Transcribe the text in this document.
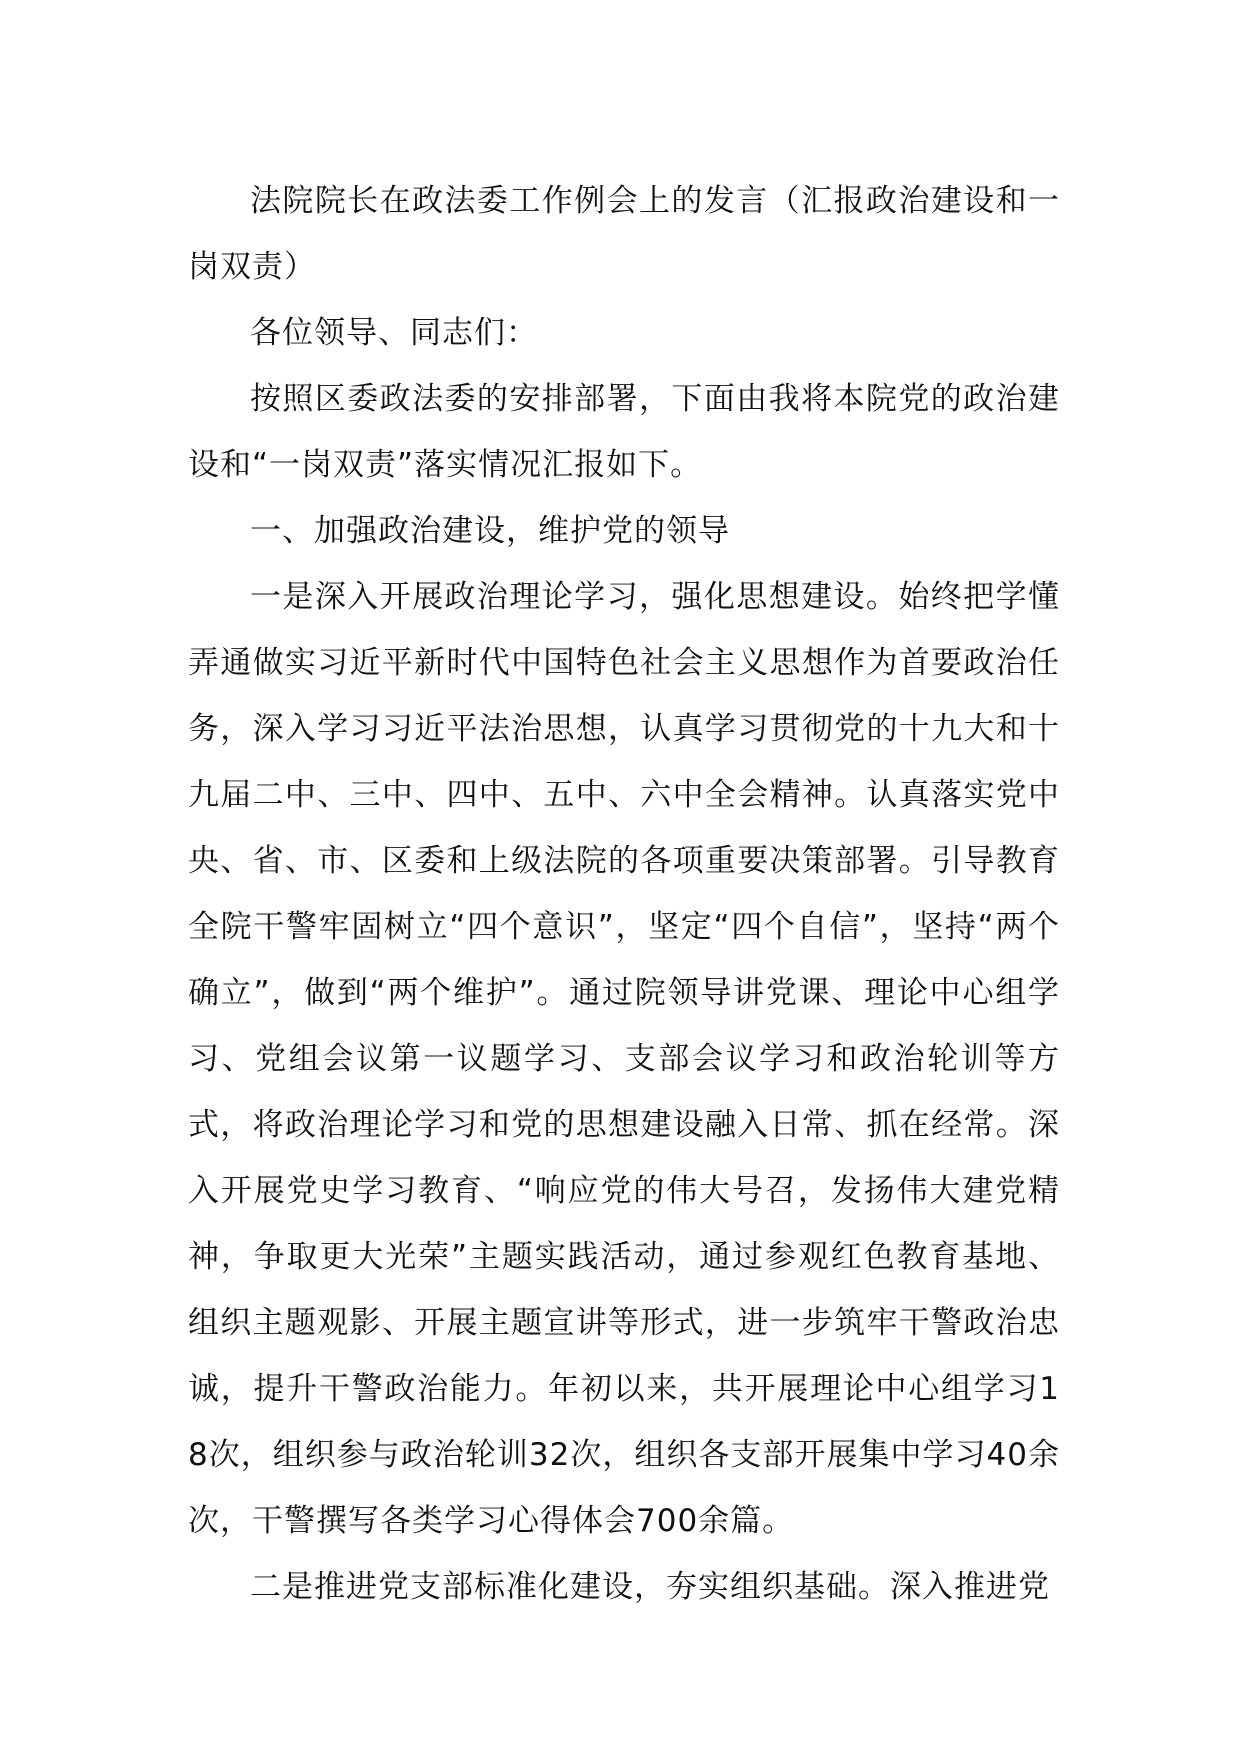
法院院长在政法委工作例会上的发言（汇报政治建设和一岗双责）

各位领导、同志们：

按照区委政法委的安排部署，下面由我将本院党的政治建设和“一岗双责”落实情况汇报如下。

一、加强政治建设，维护党的领导

一是深入开展政治理论学习，强化思想建设。始终把学懂弄通做实习近平新时代中国特色社会主义思想作为首要政治任务，深入学习习近平法治思想，认真学习贯彻党的十九大和十九届二中、三中、四中、五中、六中全会精神。认真落实党中央、省、市、区委和上级法院的各项重要决策部署。引导教育全院干警牢固树立“四个意识”，坚定“四个自信”，坚持“两个确立”，做到“两个维护”。通过院领导讲党课、理论中心组学习、党组会议第一议题学习、支部会议学习和政治轮训等方式，将政治理论学习和党的思想建设融入日常、抓在经常。深入开展党史学习教育、“响应党的伟大号召，发扬伟大建党精神，争取更大光荣”主题实践活动，通过参观红色教育基地、组织主题观影、开展主题宣讲等形式，进一步筑牢干警政治忠诚，提升干警政治能力。年初以来，共开展理论中心组学习18次，组织参与政治轮训32次，组织各支部开展集中学习40余次，干警撰写各类学习心得体会700余篇。

二是推进党支部标准化建设，夯实组织基础。深入推进党
